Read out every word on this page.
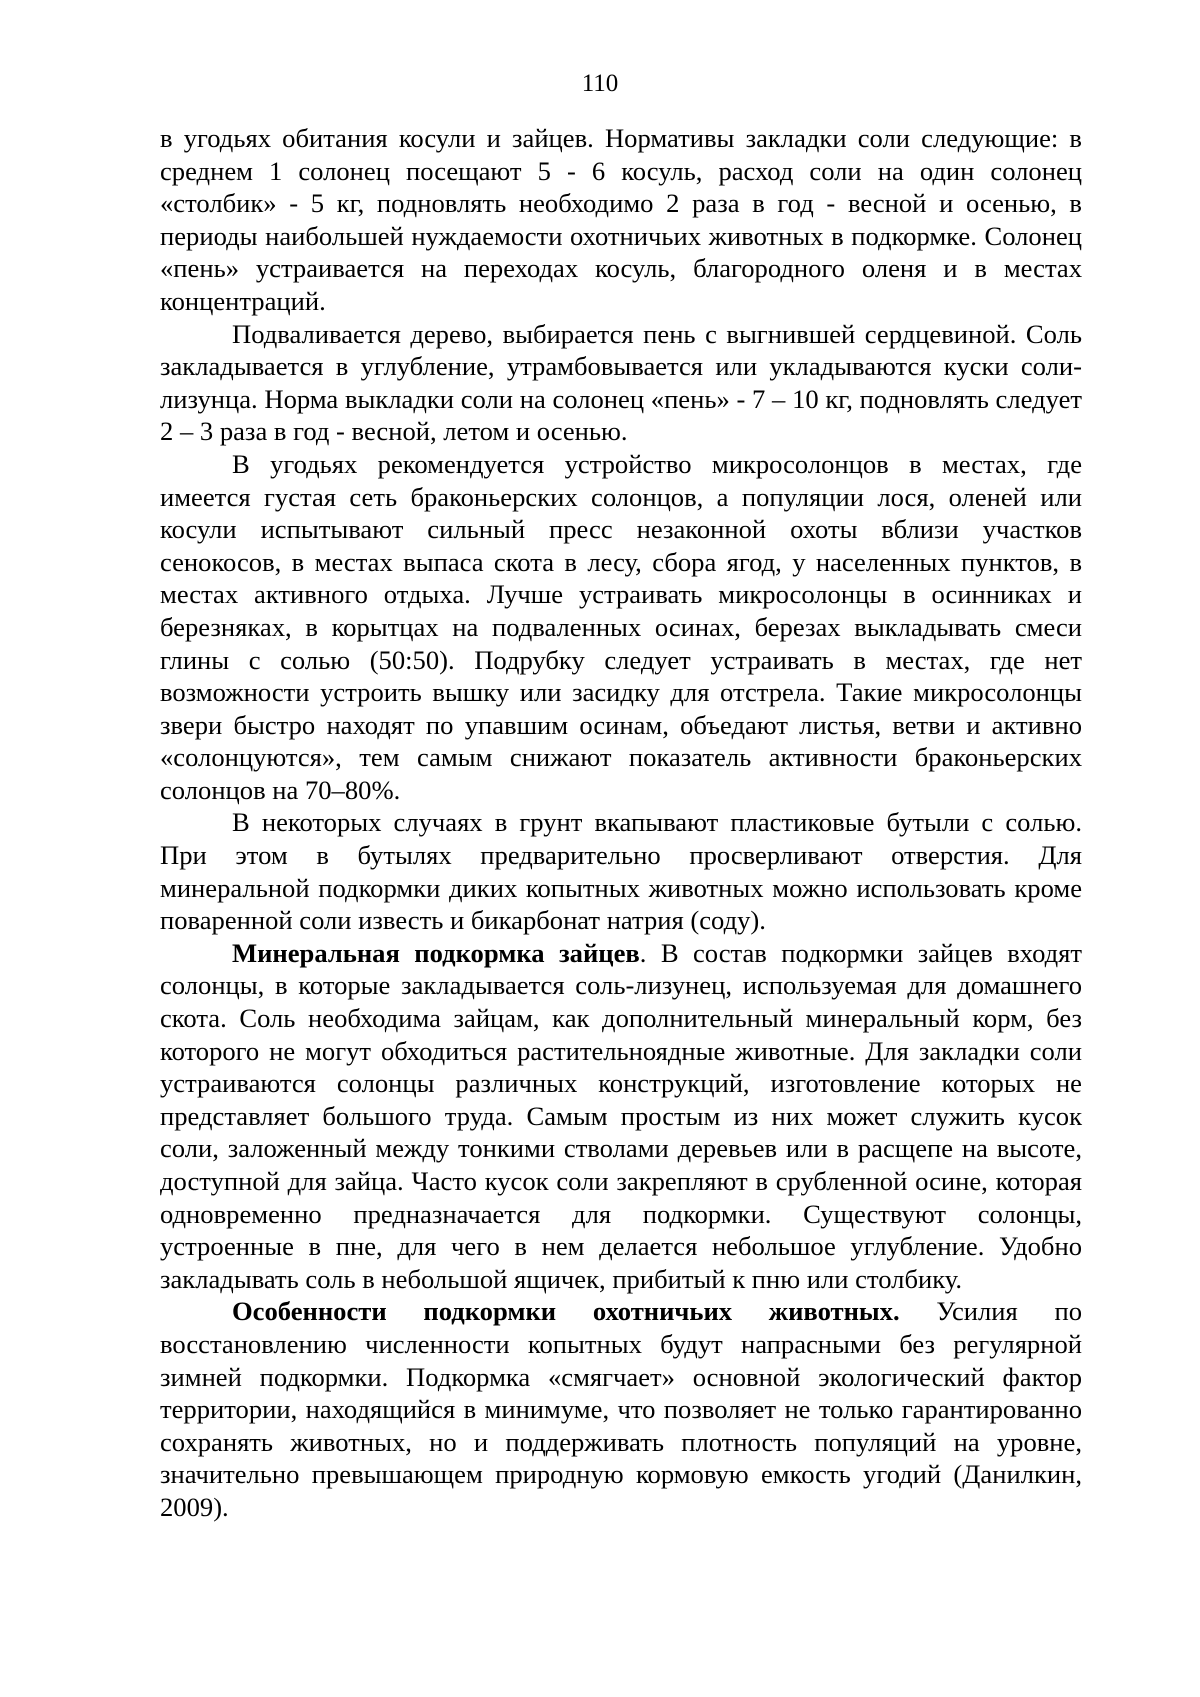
110

в угодьях обитания косули и зайцев. Нормативы закладки соли следующие: в среднем 1 солонец посещают 5 - 6 косуль, расход соли на один солонец «столбик» - 5 кг, подновлять необходимо 2 раза в год - весной и осенью, в периоды наибольшей нуждаемости охотничьих животных в подкормке. Солонец «пень» устраивается на переходах косуль, благородного оленя и в местах концентраций.

Подваливается дерево, выбирается пень с выгнившей сердцевиной. Соль закладывается в углубление, утрамбовывается или укладываются куски соли-лизунца. Норма выкладки соли на солонец «пень» - 7 – 10 кг, подновлять следует 2 – 3 раза в год - весной, летом и осенью.

В угодьях рекомендуется устройство микросолонцов в местах, где имеется густая сеть браконьерских солонцов, а популяции лося, оленей или косули испытывают сильный пресс незаконной охоты вблизи участков сенокосов, в местах выпаса скота в лесу, сбора ягод, у населенных пунктов, в местах активного отдыха. Лучше устраивать микросолонцы в осинниках и березняках, в корытцах на подваленных осинах, березах выкладывать смеси глины с солью (50:50). Подрубку следует устраивать в местах, где нет возможности устроить вышку или засидку для отстрела. Такие микросолонцы звери быстро находят по упавшим осинам, объедают листья, ветви и активно «солонцуются», тем самым снижают показатель активности браконьерских солонцов на 70–80%.

В некоторых случаях в грунт вкапывают пластиковые бутыли с солью. При этом в бутылях предварительно просверливают отверстия. Для минеральной подкормки диких копытных животных можно использовать кроме поваренной соли известь и бикарбонат натрия (соду).

Минеральная подкормка зайцев. В состав подкормки зайцев входят солонцы, в которые закладывается соль-лизунец, используемая для домашнего скота. Соль необходима зайцам, как дополнительный минеральный корм, без которого не могут обходиться растительноядные животные. Для закладки соли устраиваются солонцы различных конструкций, изготовление которых не представляет большого труда. Самым простым из них может служить кусок соли, заложенный между тонкими стволами деревьев или в расщепе на высоте, доступной для зайца. Часто кусок соли закрепляют в срубленной осине, которая одновременно предназначается для подкормки. Существуют солонцы, устроенные в пне, для чего в нем делается небольшое углубление. Удобно закладывать соль в небольшой ящичек, прибитый к пню или столбику.

Особенности подкормки охотничьих животных. Усилия по восстановлению численности копытных будут напрасными без регулярной зимней подкормки. Подкормка «смягчает» основной экологический фактор территории, находящийся в минимуме, что позволяет не только гарантированно сохранять животных, но и поддерживать плотность популяций на уровне, значительно превышающем природную кормовую емкость угодий (Данилкин, 2009).
